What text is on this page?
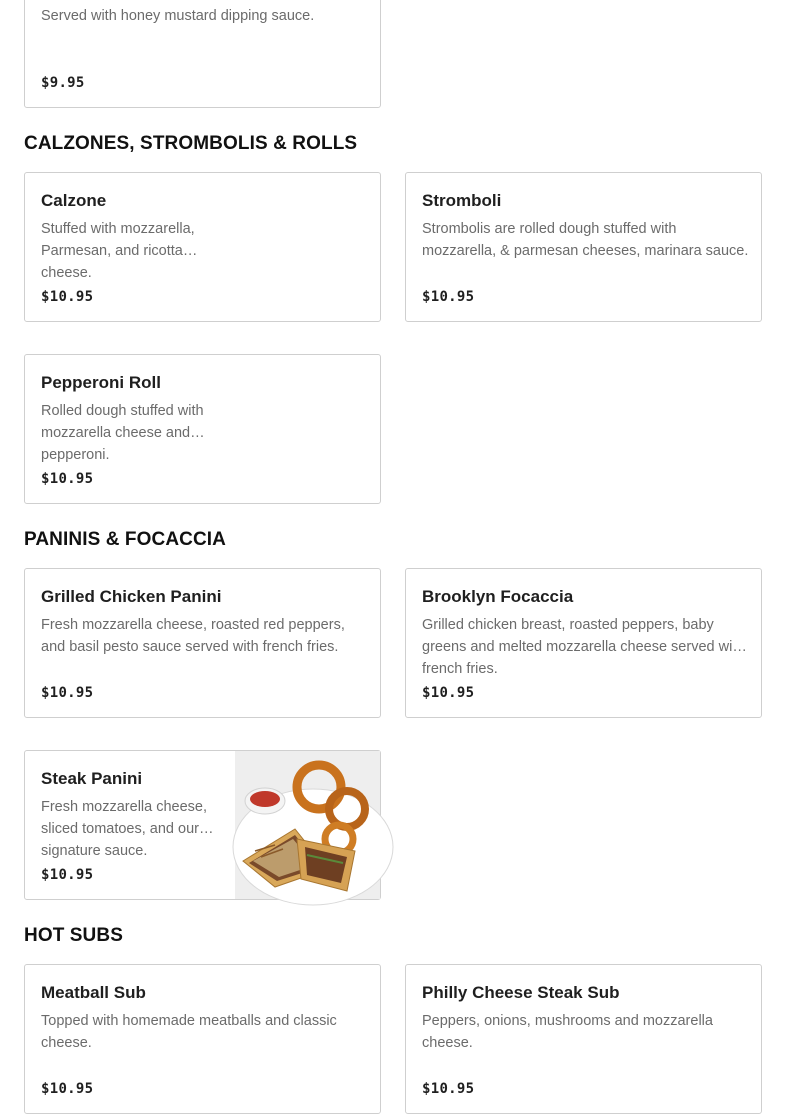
Served with honey mustard dipping sauce.
$9.95
CALZONES, STROMBOLIS & ROLLS
Calzone
Stuffed with mozzarella, Parmesan, and ricotta cheese.
$10.95
Stromboli
Strombolis are rolled dough stuffed with mozzarella, & parmesan cheeses, marinara sauce.
$10.95
Pepperoni Roll
Rolled dough stuffed with mozzarella cheese and pepperoni.
$10.95
PANINIS & FOCACCIA
Grilled Chicken Panini
Fresh mozzarella cheese, roasted red peppers, and basil pesto sauce served with french fries.
$10.95
Brooklyn Focaccia
Grilled chicken breast, roasted peppers, baby greens and melted mozzarella cheese served with french fries.
$10.95
Steak Panini
Fresh mozzarella cheese, sliced tomatoes, and our signature sauce.
$10.95
HOT SUBS
Meatball Sub
Topped with homemade meatballs and classic cheese.
$10.95
Philly Cheese Steak Sub
Peppers, onions, mushrooms and mozzarella cheese.
$10.95
